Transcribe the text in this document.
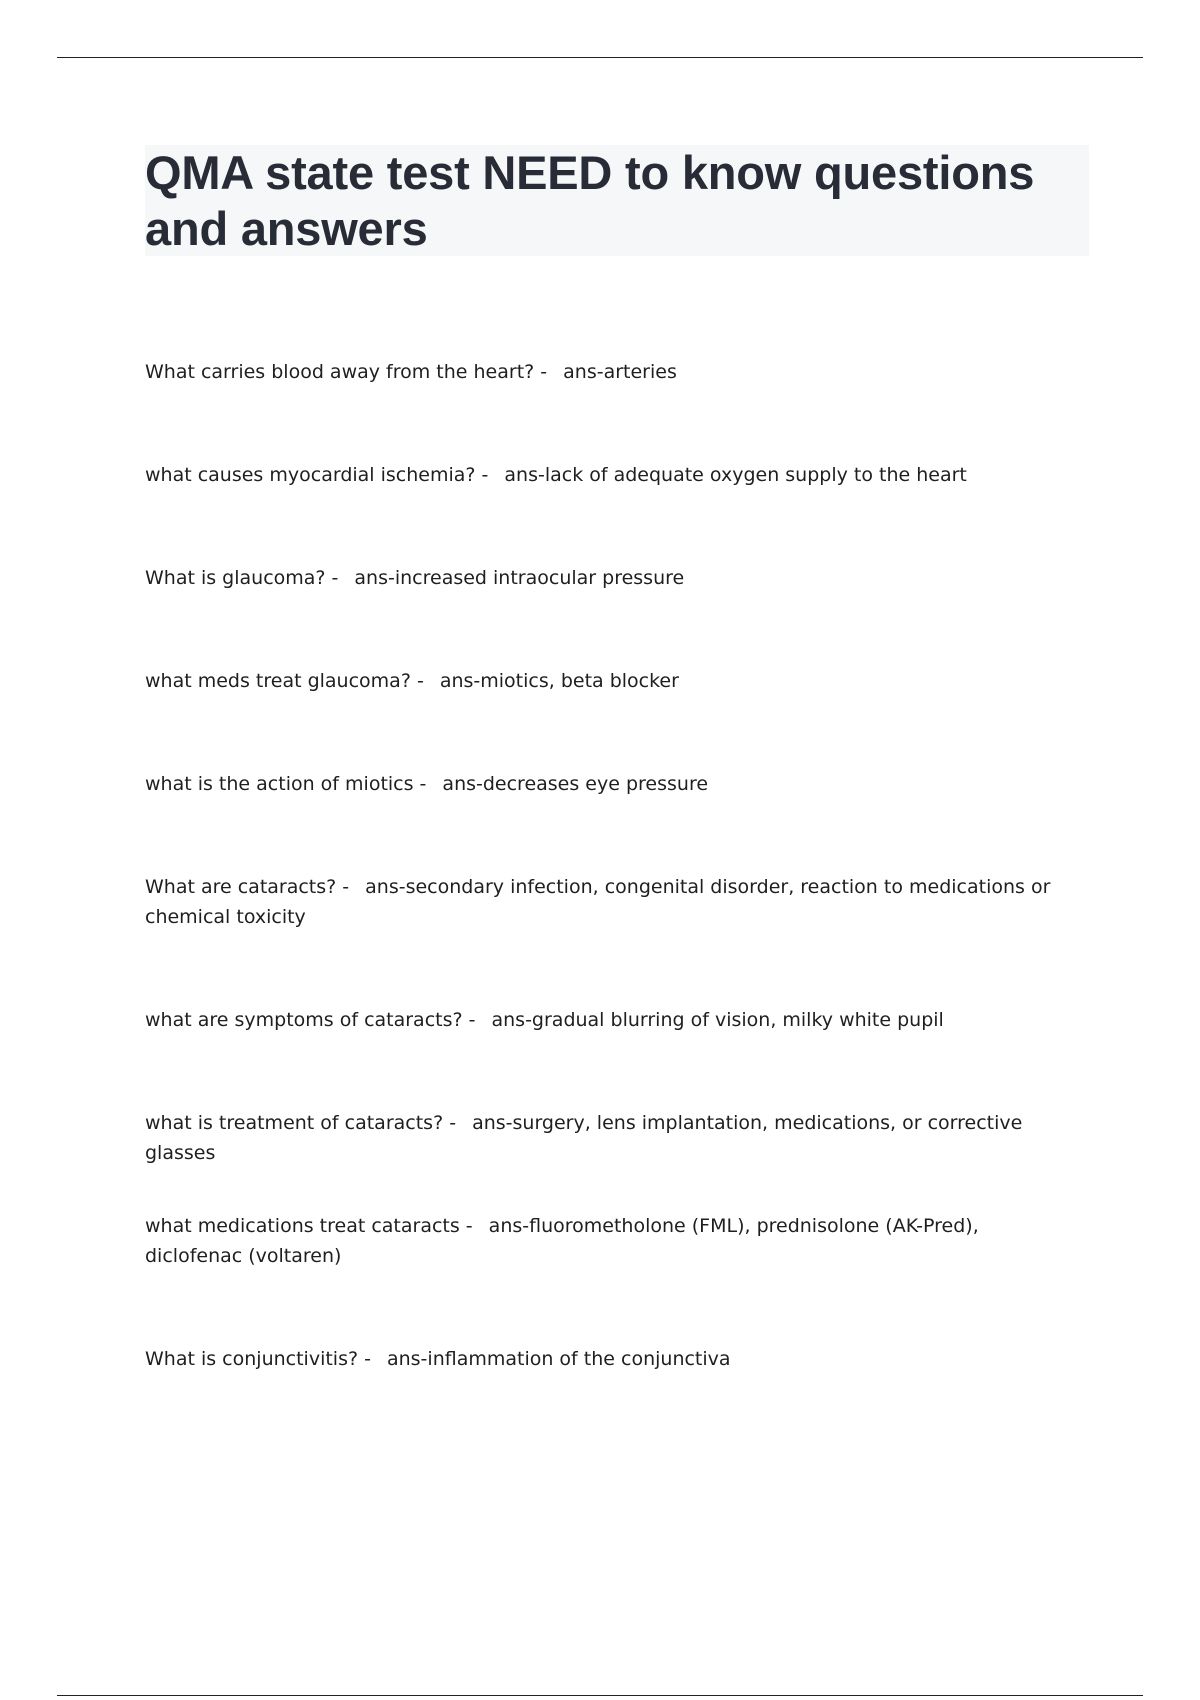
QMA state test NEED to know questions and answers
What carries blood away from the heart? - ans-arteries
what causes myocardial ischemia? - ans-lack of adequate oxygen supply to the heart
What is glaucoma? - ans-increased intraocular pressure
what meds treat glaucoma? - ans-miotics, beta blocker
what is the action of miotics - ans-decreases eye pressure
What are cataracts? - ans-secondary infection, congenital disorder, reaction to medications or chemical toxicity
what are symptoms of cataracts? - ans-gradual blurring of vision, milky white pupil
what is treatment of cataracts? - ans-surgery, lens implantation, medications, or corrective glasses
what medications treat cataracts - ans-fluorometholone (FML), prednisolone (AK-Pred), diclofenac (voltaren)
What is conjunctivitis? - ans-inflammation of the conjunctiva
